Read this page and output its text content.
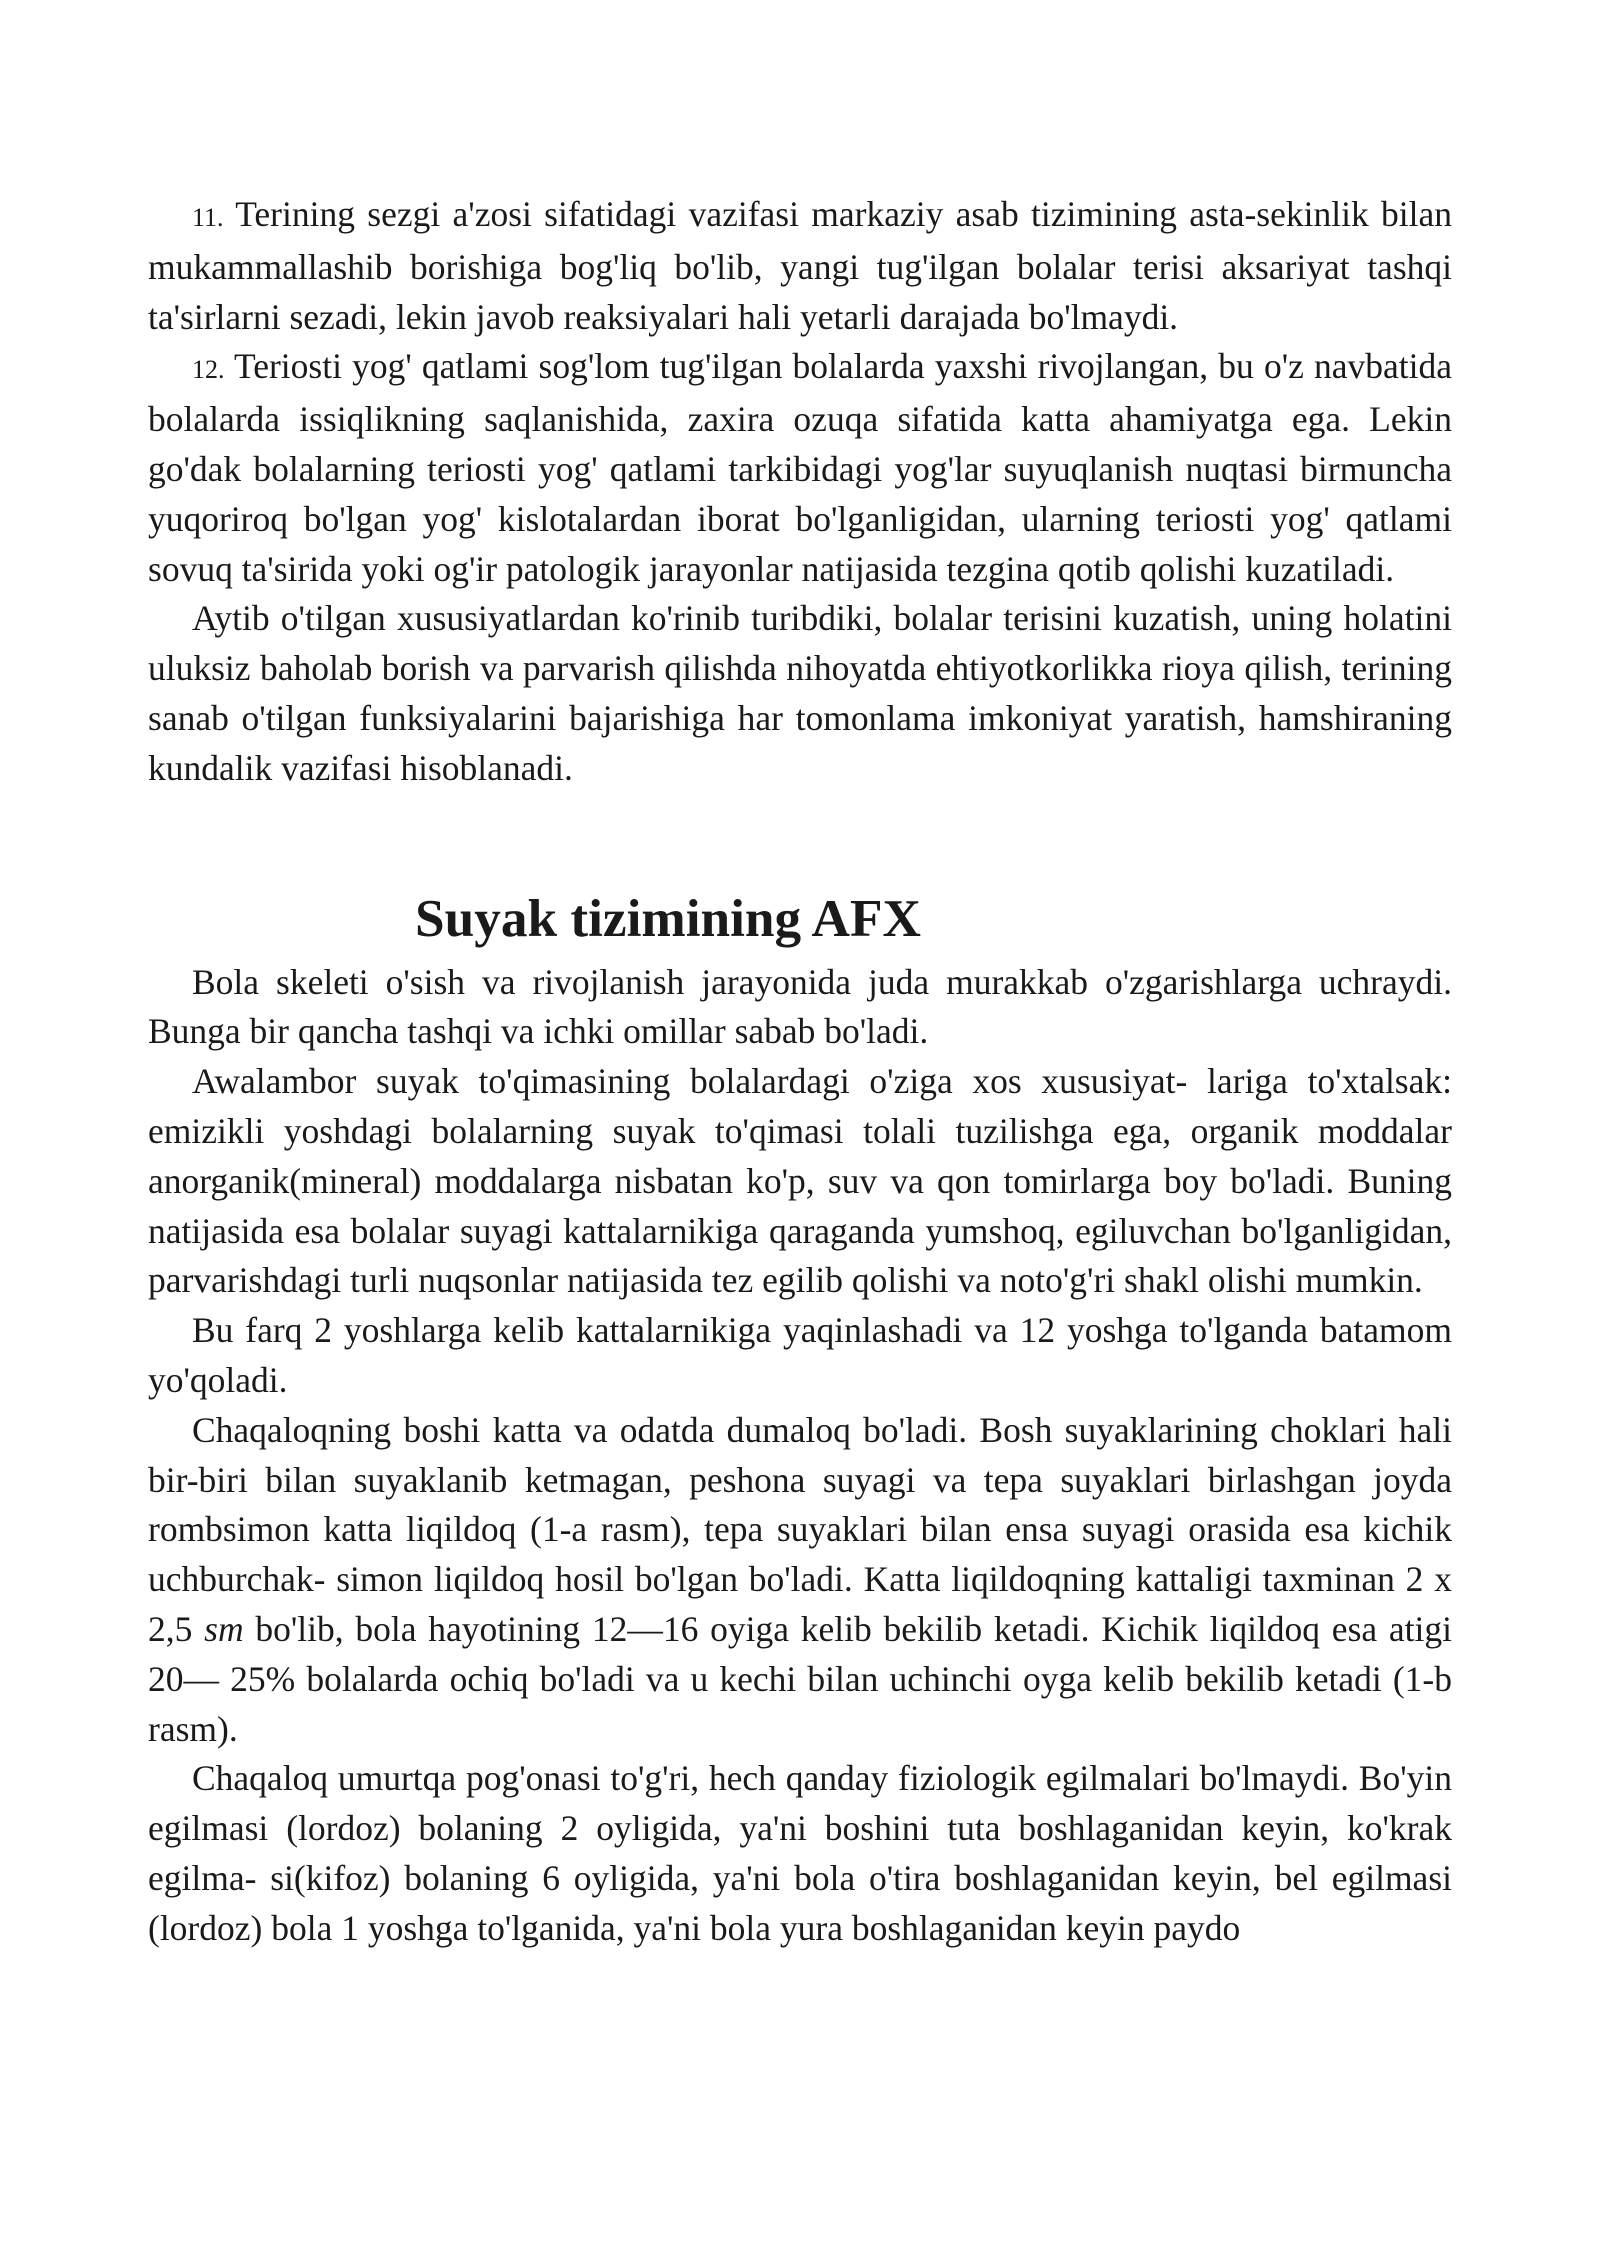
11. Terining sezgi a'zosi sifatidagi vazifasi markaziy asab tizimining asta-sekinlik bilan mukammallashib borishiga bog'liq bo'lib, yangi tug'ilgan bolalar terisi aksariyat tashqi ta'sirlarni sezadi, lekin javob reaksiyalari hali yetarli darajada bo'lmaydi.

12. Teriosti yog' qatlami sog'lom tug'ilgan bolalarda yaxshi rivojlangan, bu o'z navbatida bolalarda issiqlikning saqlanishida, zaxira ozuqa sifatida katta ahamiyatga ega. Lekin go'dak bolalarning teriosti yog' qatlami tarkibidagi yog'lar suyuqlanish nuqtasi birmuncha yuqoriroq bo'lgan yog' kislotalardan iborat bo'lganligidan, ularning teriosti yog' qatlami sovuq ta'sirida yoki og'ir patologik jarayonlar natijasida tezgina qotib qolishi kuzatiladi.

Aytib o'tilgan xususiyatlardan ko'rinib turibdiki, bolalar terisini kuzatish, uning holatini uluksiz baholab borish va parvarish qilishda nihoyatda ehtiyotkorlikka rioya qilish, terining sanab o'tilgan funksiyalarini bajarishiga har tomonlama imkoniyat yaratish, hamshiraning kundalik vazifasi hisoblanadi.

Suyak tizimining AFX

Bola skeleti o'sish va rivojlanish jarayonida juda murakkab o'zgarishlarga uchraydi. Bunga bir qancha tashqi va ichki omillar sabab bo'ladi.

Awalambor suyak to'qimasining bolalardagi o'ziga xos xususiyat- lariga to'xtalsak: emizikli yoshdagi bolalarning suyak to'qimasi tolali tuzilishga ega, organik moddalar anorganik(mineral) moddalarga nisbatan ko'p, suv va qon tomirlarga boy bo'ladi. Buning natijasida esa bolalar suyagi kattalarnikiga qaraganda yumshoq, egiluvchan bo'lganligidan, parvarishdagi turli nuqsonlar natijasida tez egilib qolishi va noto'g'ri shakl olishi mumkin.

Bu farq 2 yoshlarga kelib kattalarnikiga yaqinlashadi va 12 yoshga to'lganda batamom yo'qoladi.

Chaqaloqning boshi katta va odatda dumaloq bo'ladi. Bosh suyaklarining choklari hali bir-biri bilan suyaklanib ketmagan, peshona suyagi va tepa suyaklari birlashgan joyda rombsimon katta liqildoq (1-a rasm), tepa suyaklari bilan ensa suyagi orasida esa kichik uchburchak- simon liqildoq hosil bo'lgan bo'ladi. Katta liqildoqning kattaligi taxminan 2 x 2,5 sm bo'lib, bola hayotining 12—16 oyiga kelib bekilib ketadi. Kichik liqildoq esa atigi 20— 25% bolalarda ochiq bo'ladi va u kechi bilan uchinchi oyga kelib bekilib ketadi (1-b rasm).

Chaqaloq umurtqa pog'onasi to'g'ri, hech qanday fiziologik egilmalari bo'lmaydi. Bo'yin egilmasi (lordoz) bolaning 2 oyligida, ya'ni boshini tuta boshlaganidan keyin, ko'krak egilma- si(kifoz) bolaning 6 oyligida, ya'ni bola o'tira boshlaganidan keyin, bel egilmasi (lordoz) bola 1 yoshga to'lganida, ya'ni bola yura boshlaganidan keyin paydo
